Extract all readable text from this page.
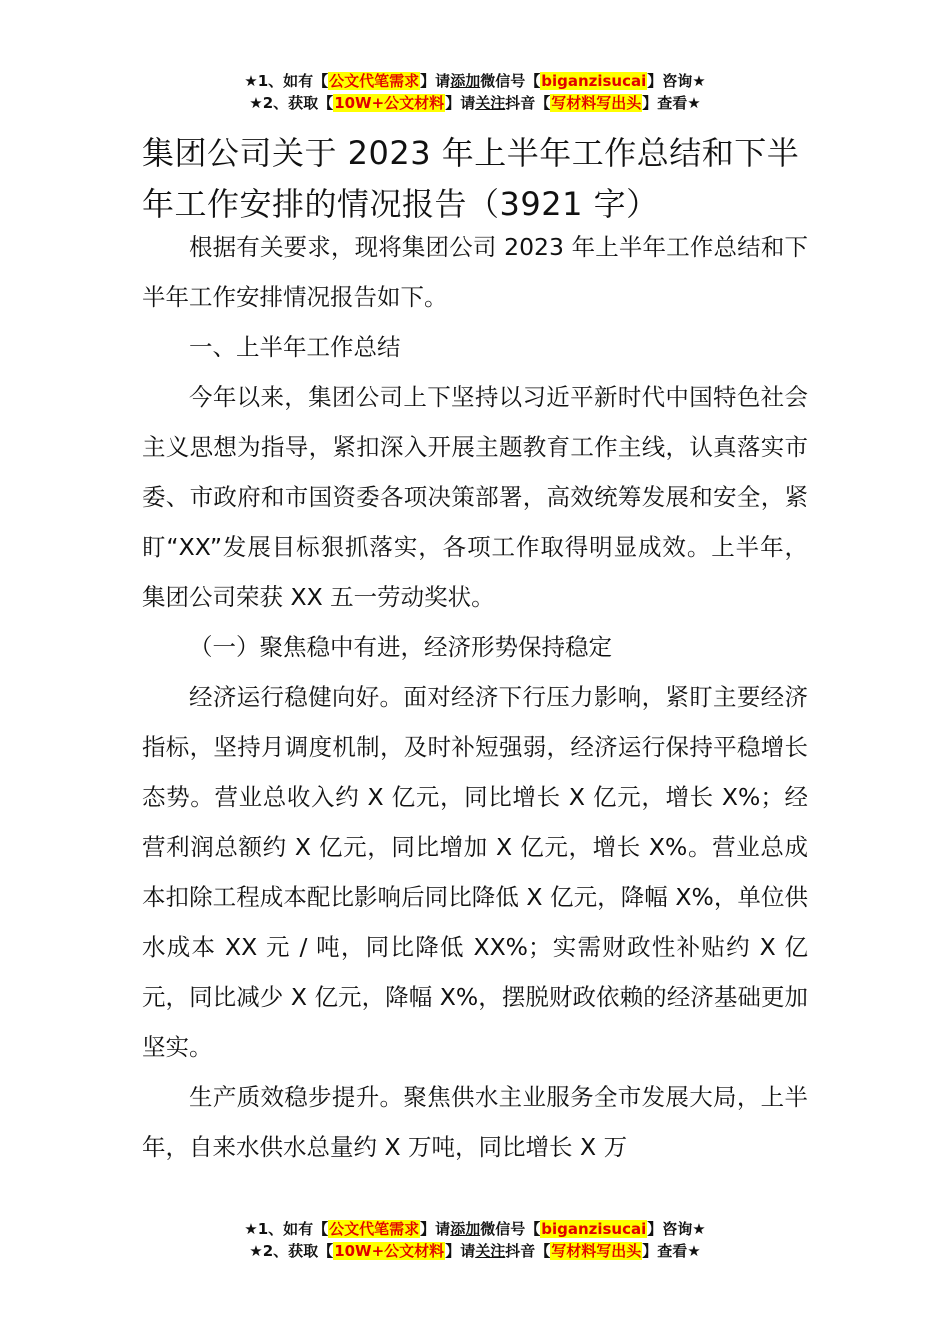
★1、如有【公文代笔需求】请添加微信号【biganzisucai】咨询★
★2、获取【10W+公文材料】请关注抖音【写材料写出头】查看★
集团公司关于 2023 年上半年工作总结和下半年工作安排的情况报告（3921 字）

根据有关要求，现将集团公司 2023 年上半年工作总结和下半年工作安排情况报告如下。

一、上半年工作总结

今年以来，集团公司上下坚持以习近平新时代中国特色社会主义思想为指导，紧扣深入开展主题教育工作主线，认真落实市委、市政府和市国资委各项决策部署，高效统筹发展和安全，紧盯“XX”发展目标狠抓落实，各项工作取得明显成效。上半年，集团公司荣获 XX 五一劳动奖状。

（一）聚焦稳中有进，经济形势保持稳定

经济运行稳健向好。面对经济下行压力影响，紧盯主要经济指标，坚持月调度机制，及时补短强弱，经济运行保持平稳增长态势。营业总收入约 X 亿元，同比增长 X 亿元，增长 X%；经营利润总额约 X 亿元，同比增加 X 亿元，增长 X%。营业总成本扣除工程成本配比影响后同比降低 X 亿元，降幅 X%，单位供水成本 XX 元 / 吨，同比降低 XX%；实需财政性补贴约 X 亿元，同比减少 X 亿元，降幅 X%，摆脱财政依赖的经济基础更加坚实。

生产质效稳步提升。聚焦供水主业服务全市发展大局，上半年，自来水供水总量约 X 万吨，同比增长 X 万

★1、如有【公文代笔需求】请添加微信号【biganzisucai】咨询★
★2、获取【10W+公文材料】请关注抖音【写材料写出头】查看★
